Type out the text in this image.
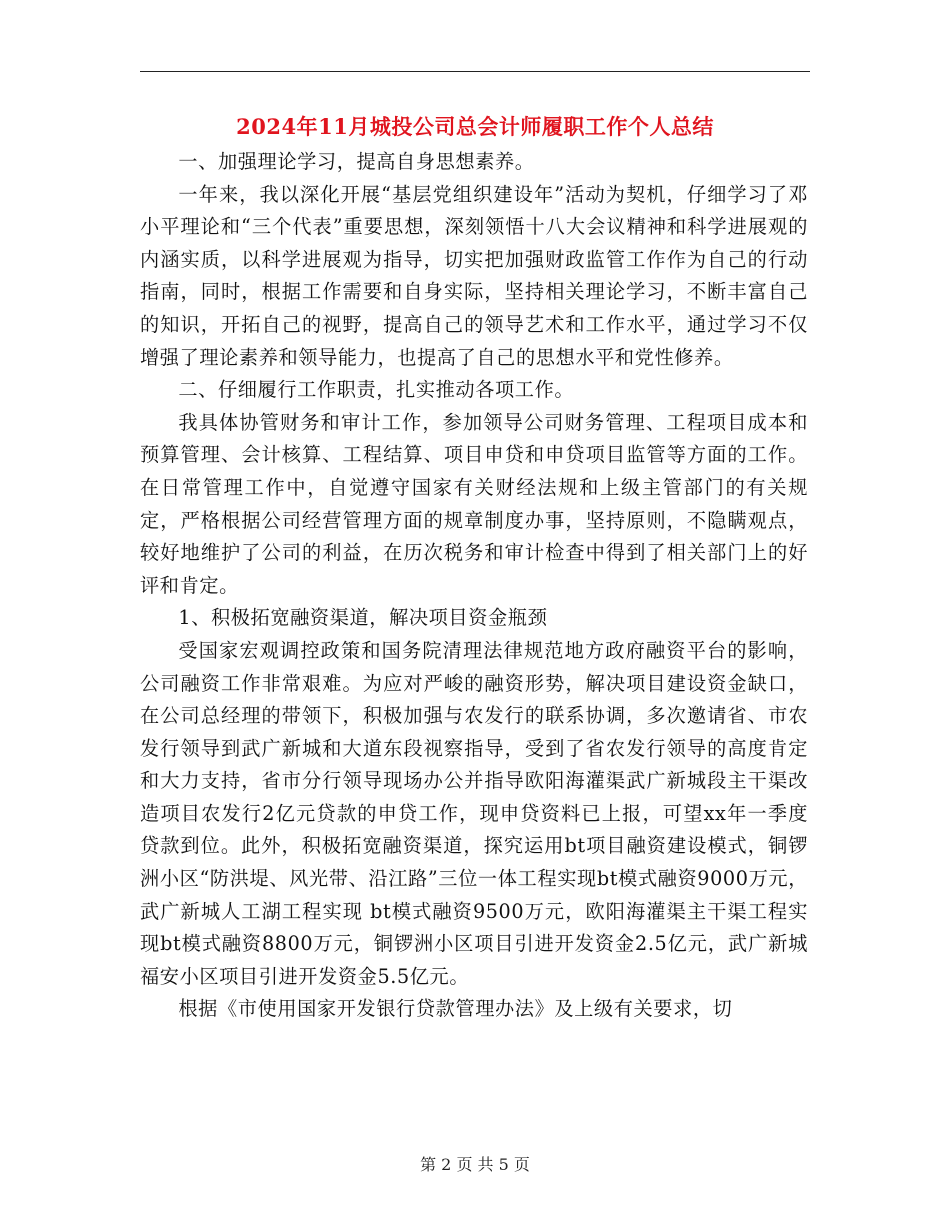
2024年11月城投公司总会计师履职工作个人总结

一、加强理论学习，提高自身思想素养。

一年来，我以深化开展“基层党组织建设年”活动为契机，仔细学习了邓小平理论和“三个代表”重要思想，深刻领悟十八大会议精神和科学进展观的内涵实质，以科学进展观为指导，切实把加强财政监管工作作为自己的行动指南，同时，根据工作需要和自身实际，坚持相关理论学习，不断丰富自己的知识，开拓自己的视野，提高自己的领导艺术和工作水平，通过学习不仅增强了理论素养和领导能力，也提高了自己的思想水平和党性修养。

二、仔细履行工作职责，扎实推动各项工作。

我具体协管财务和审计工作，参加领导公司财务管理、工程项目成本和预算管理、会计核算、工程结算、项目申贷和申贷项目监管等方面的工作。在日常管理工作中，自觉遵守国家有关财经法规和上级主管部门的有关规定，严格根据公司经营管理方面的规章制度办事，坚持原则，不隐瞒观点，较好地维护了公司的利益，在历次税务和审计检查中得到了相关部门上的好评和肯定。

1、积极拓宽融资渠道，解决项目资金瓶颈

受国家宏观调控政策和国务院清理法律规范地方政府融资平台的影响，公司融资工作非常艰难。为应对严峻的融资形势，解决项目建设资金缺口，在公司总经理的带领下，积极加强与农发行的联系协调，多次邀请省、市农发行领导到武广新城和大道东段视察指导，受到了省农发行领导的高度肯定和大力支持，省市分行领导现场办公并指导欧阳海灌渠武广新城段主干渠改造项目农发行2亿元贷款的申贷工作，现申贷资料已上报，可望xx年一季度贷款到位。此外，积极拓宽融资渠道，探究运用bt项目融资建设模式，铜锣洲小区“防洪堤、风光带、沿江路”三位一体工程实现bt模式融资9000万元，武广新城人工湖工程实现 bt模式融资9500万元，欧阳海灌渠主干渠工程实现bt模式融资8800万元，铜锣洲小区项目引进开发资金2.5亿元，武广新城福安小区项目引进开发资金5.5亿元。

根据《市使用国家开发银行贷款管理办法》及上级有关要求，切

第 2 页 共 5 页
